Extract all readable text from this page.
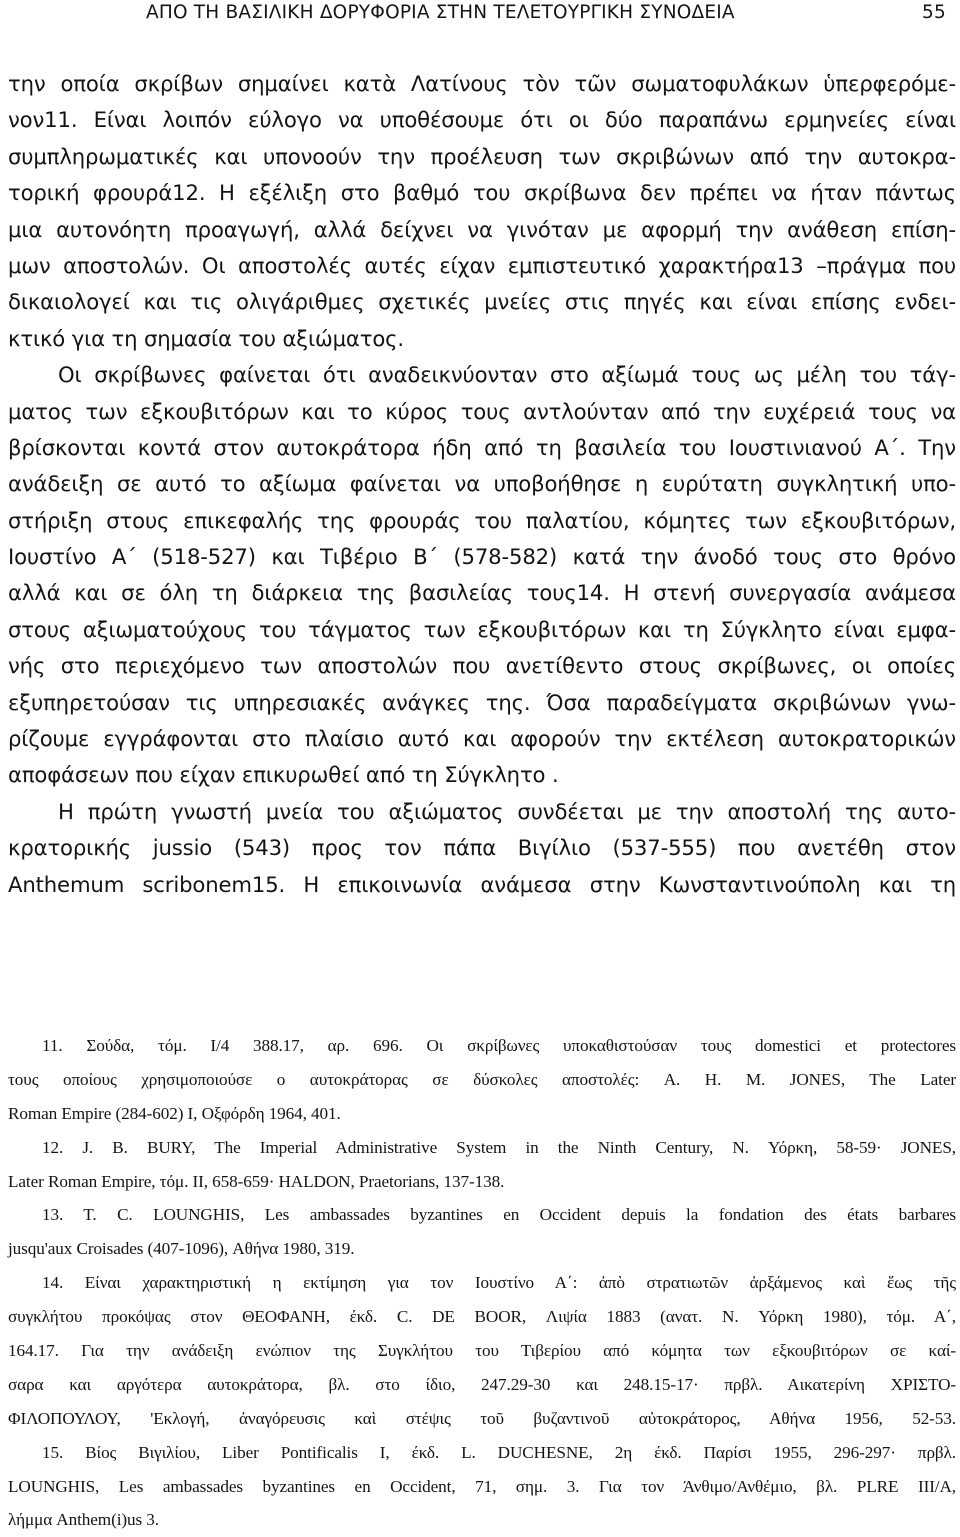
ΑΠΟ ΤΗ ΒΑΣΙΛΙΚΗ ΔΟΡΥΦΟΡΙΑ ΣΤΗΝ ΤΕΛΕΤΟΥΡΓΙΚΗ ΣΥΝΟΔΕΙΑ	55
την οποία σκρίβων σημαίνει κατὰ Λατίνους τὸν τῶν σωματοφυλάκων ὑπερφερόμε-
νον11. Είναι λοιπόν εύλογο να υποθέσουμε ότι οι δύο παραπάνω ερμηνείες είναι
συμπληρωματικές και υπονοούν την προέλευση των σκριβώνων από την αυτοκρα-
τορική φρουρά12. Η εξέλιξη στο βαθμό του σκρίβωνα δεν πρέπει να ήταν πάντως
μια αυτονόητη προαγωγή, αλλά δείχνει να γινόταν με αφορμή την ανάθεση επίση-
μων αποστολών. Οι αποστολές αυτές είχαν εμπιστευτικό χαρακτήρα13 –πράγμα που
δικαιολογεί και τις ολιγάριθμες σχετικές μνείες στις πηγές και είναι επίσης ενδει-
κτικό για τη σημασία του αξιώματος.
Οι σκρίβωνες φαίνεται ότι αναδεικνύονταν στο αξίωμά τους ως μέλη του τάγ-
ματος των εξκουβιτόρων και το κύρος τους αντλούνταν από την ευχέρειά τους να
βρίσκονται κοντά στον αυτοκράτορα ήδη από τη βασιλεία του Ιουστινιανού Α΄. Την
ανάδειξη σε αυτό το αξίωμα φαίνεται να υποβοήθησε η ευρύτατη συγκλητική υπο-
στήριξη στους επικεφαλής της φρουράς του παλατίου, κόμητες των εξκουβιτόρων,
Ιουστίνο Α΄ (518-527) και Τιβέριο Β΄ (578-582) κατά την άνοδό τους στο θρόνο
αλλά και σε όλη τη διάρκεια της βασιλείας τους14. Η στενή συνεργασία ανάμεσα
στους αξιωματούχους του τάγματος των εξκουβιτόρων και τη Σύγκλητο είναι εμφα-
νής στο περιεχόμενο των αποστολών που ανετίθεντο στους σκρίβωνες, οι οποίες
εξυπηρετούσαν τις υπηρεσιακές ανάγκες της. Όσα παραδείγματα σκριβώνων γνω-
ρίζουμε εγγράφονται στο πλαίσιο αυτό και αφορούν την εκτέλεση αυτοκρατορικών
αποφάσεων που είχαν επικυρωθεί από τη Σύγκλητο .
Η πρώτη γνωστή μνεία του αξιώματος συνδέεται με την αποστολή της αυτο-
κρατορικής jussio (543) προς τον πάπα Βιγίλιο (537-555) που ανετέθη στον
Anthemum scribonem15. Η επικοινωνία ανάμεσα στην Κωνσταντινούπολη και τη
11. Σούδα, τόμ. I/4 388.17, αρ. 696. Οι σκρίβωνες υποκαθιστούσαν τους domestici et protectores
τους οποίους χρησιμοποιούσε ο αυτοκράτορας σε δύσκολες αποστολές: A. H. M. JONES, The Later
Roman Empire (284-602) I, Οξφόρδη 1964, 401.
12. J. B. BURY, The Imperial Administrative System in the Ninth Century, N. Υόρκη, 58-59· JONES,
Later Roman Empire, τόμ. II, 658-659· HALDON, Praetorians, 137-138.
13. T. C. LOUNGHIS, Les ambassades byzantines en Occident depuis la fondation des états barbares
jusqu'aux Croisades (407-1096), Αθήνα 1980, 319.
14. Είναι χαρακτηριστική η εκτίμηση για τον Ιουστίνο Α΄: ἀπὸ στρατιωτῶν ἀρξάμενος καὶ ἕως τῆς
συγκλήτου προκόψας στον ΘΕΟΦΑΝΗ, έκδ. C. DE BOOR, Λιψία 1883 (ανατ. N. Υόρκη 1980), τόμ. Α΄,
164.17. Για την ανάδειξη ενώπιον της Συγκλήτου του Τιβερίου από κόμητα των εξκουβιτόρων σε καί-
σαρα και αργότερα αυτοκράτορα, βλ. στο ίδιο, 247.29-30 και 248.15-17· πρβλ. Αικατερίνη ΧΡΙΣΤΟ-
ΦΙΛΟΠΟΥΛΟΥ, 'Εκλογή, ἀναγόρευσις καὶ στέψις τοῦ βυζαντινοῦ αὐτοκράτορος, Αθήνα 1956, 52-53.
15. Βίος Βιγιλίου, Liber Pontificalis I, έκδ. L. DUCHESNE, 2η έκδ. Παρίσι 1955, 296-297· πρβλ.
LOUNGHIS, Les ambassades byzantines en Occident, 71, σημ. 3. Για τον Άνθιμο/Ανθέμιο, βλ. PLRE III/A,
λήμμα Anthem(i)us 3.
